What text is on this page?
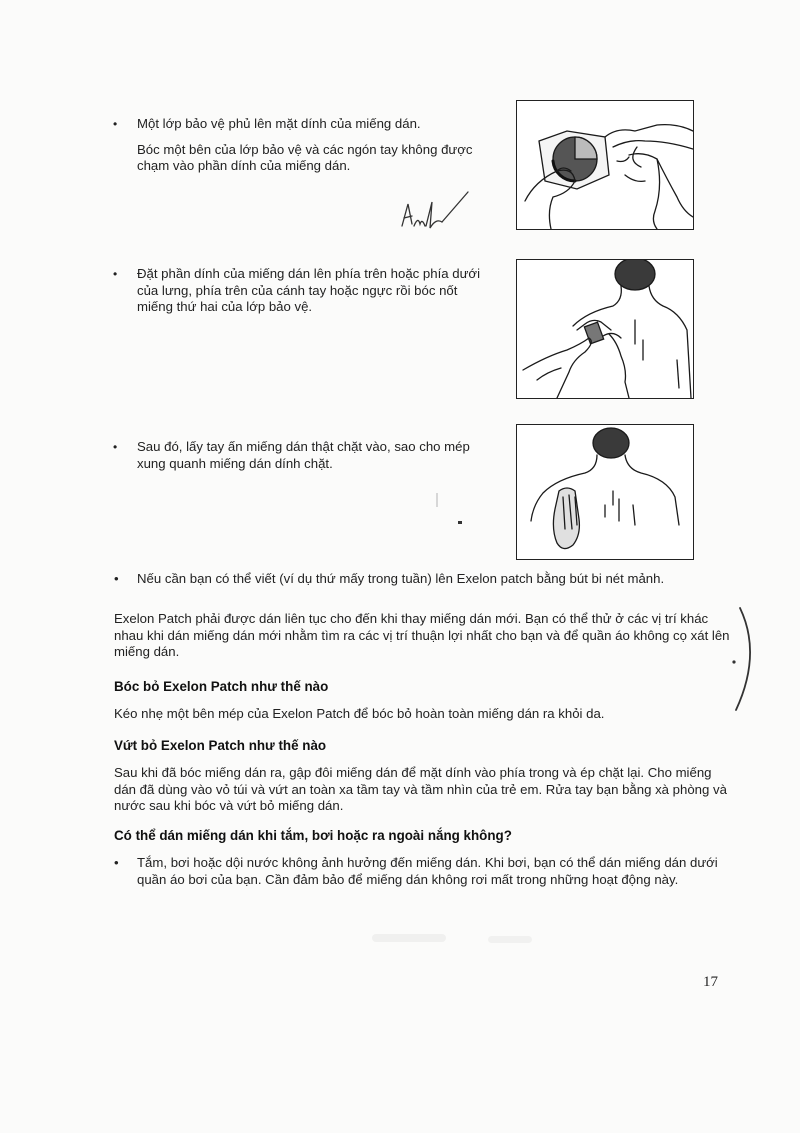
• Một lớp bảo vệ phủ lên mặt dính của miếng dán.

Bóc một bên của lớp bảo vệ và các ngón tay không được chạm vào phần dính của miếng dán.

• Đặt phần dính của miếng dán lên phía trên hoặc phía dưới của lưng, phía trên của cánh tay hoặc ngực rồi bóc nốt miếng thứ hai của lớp bảo vệ.

• Sau đó, lấy tay ấn miếng dán thật chặt vào, sao cho mép xung quanh miếng dán dính chặt.

• Nếu cần bạn có thể viết (ví dụ thứ mấy trong tuần) lên Exelon patch bằng bút bi nét mảnh.

Exelon Patch phải được dán liên tục cho đến khi thay miếng dán mới. Bạn có thể thử ở các vị trí khác nhau khi dán miếng dán mới nhằm tìm ra các vị trí thuận lợi nhất cho bạn và để quần áo không cọ xát lên miếng dán.

Bóc bỏ Exelon Patch như thế nào

Kéo nhẹ một bên mép của Exelon Patch để bóc bỏ hoàn toàn miếng dán ra khỏi da.

Vứt bỏ Exelon Patch như thế nào

Sau khi đã bóc miếng dán ra, gập đôi miếng dán để mặt dính vào phía trong và ép chặt lại. Cho miếng dán đã dùng vào vỏ túi và vứt an toàn xa tầm tay và tầm nhìn của trẻ em. Rửa tay bạn bằng xà phòng và nước sau khi bóc và vứt bỏ miếng dán.

Có thể dán miếng dán khi tắm, bơi hoặc ra ngoài nắng không?

• Tắm, bơi hoặc dội nước không ảnh hưởng đến miếng dán. Khi bơi, bạn có thể dán miếng dán dưới quần áo bơi của bạn. Cần đảm bảo để miếng dán không rơi mất trong những hoạt động này.
17
